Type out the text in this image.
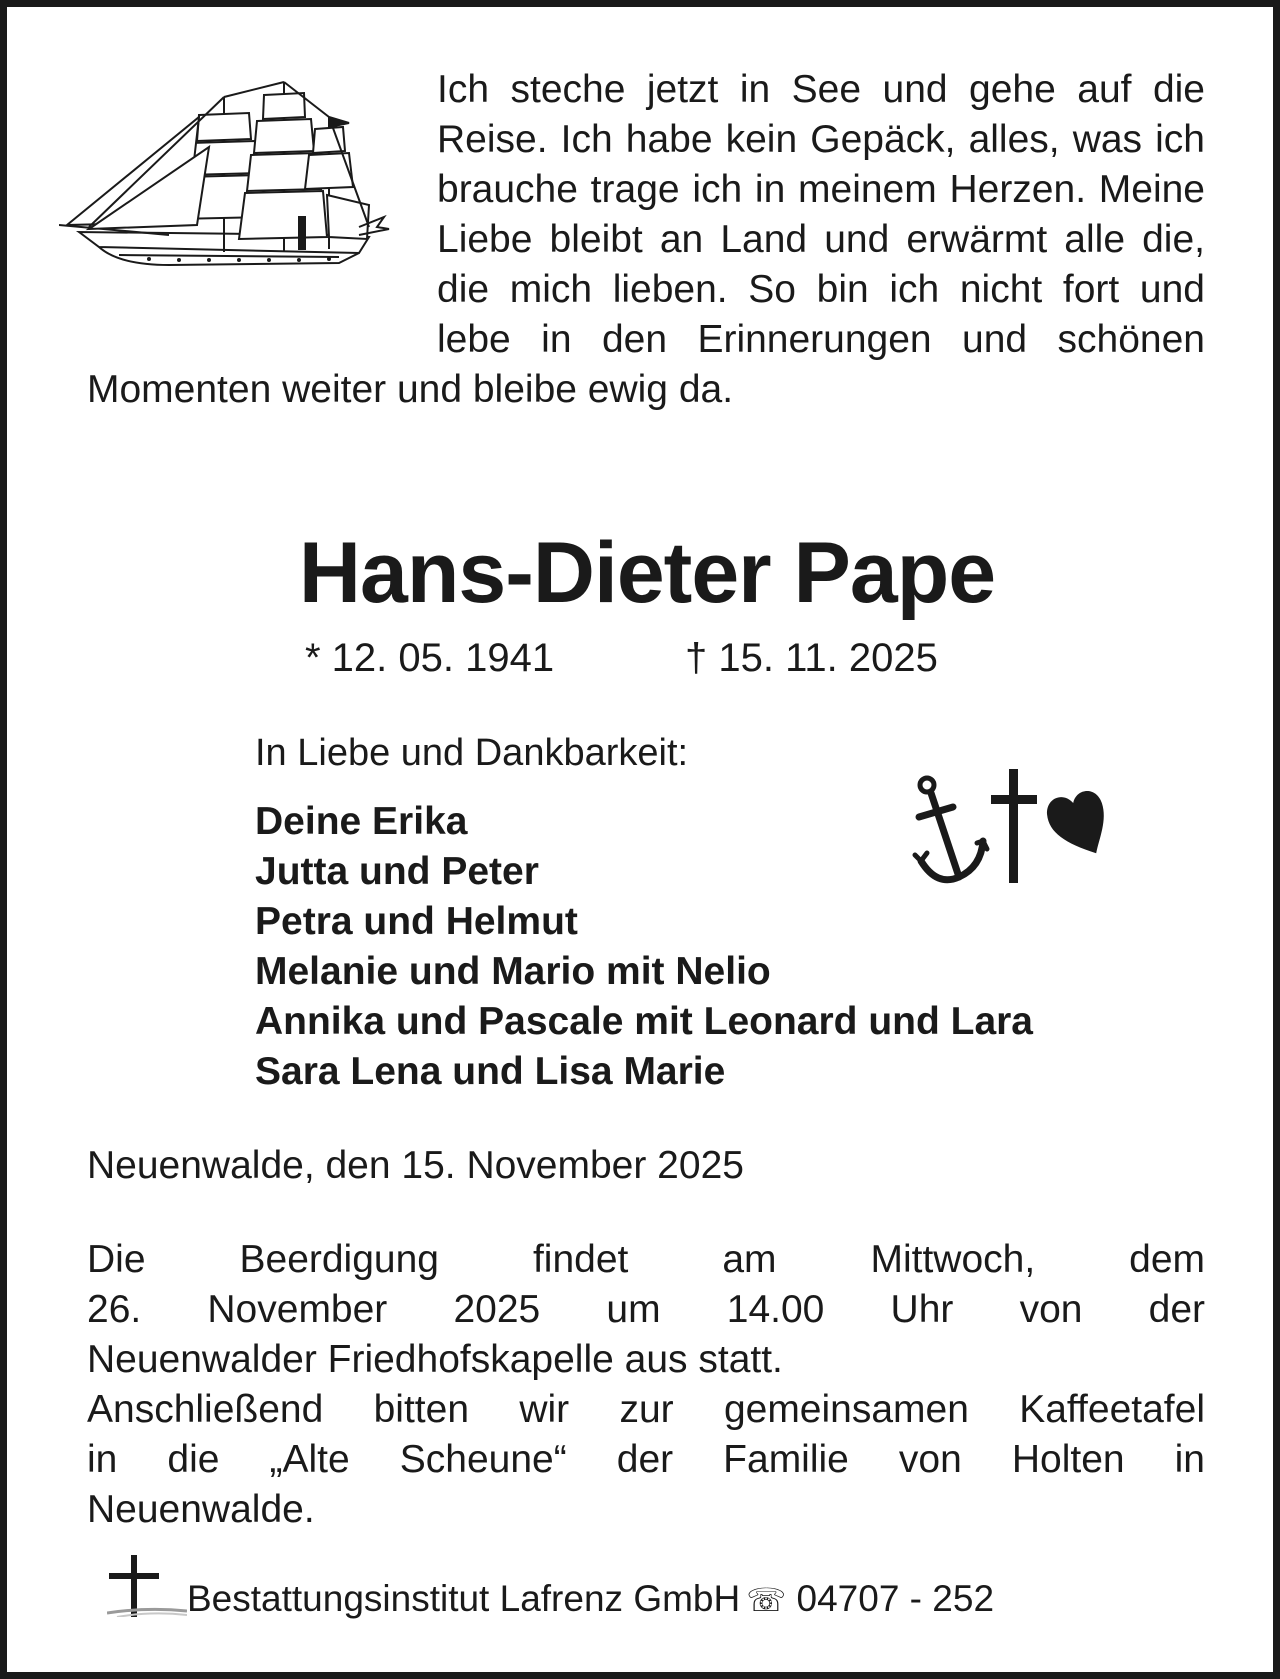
Ich steche jetzt in See und gehe auf die Reise. Ich habe kein Gepäck, alles, was ich brauche trage ich in meinem Herzen. Meine Liebe bleibt an Land und erwärmt alle die, die mich lieben. So bin ich nicht fort und lebe in den Erinnerungen und schönen Momenten weiter und bleibe ewig da.

Hans-Dieter Pape
* 12. 05. 1941	† 15. 11. 2025
In Liebe und Dankbarkeit:
Deine Erika
Jutta und Peter
Petra und Helmut
Melanie und Mario mit Nelio
Annika und Pascale mit Leonard und Lara
Sara Lena und Lisa Marie
Neuenwalde, den 15. November 2025

Die Beerdigung findet am Mittwoch, dem
26. November 2025 um 14.00 Uhr von der
Neuenwalder Friedhofskapelle aus statt.
Anschließend bitten wir zur gemeinsamen Kaffeetafel
in die „Alte Scheune“ der Familie von Holten in
Neuenwalde.

Bestattungsinstitut Lafrenz GmbH ☏ 04707 - 252
